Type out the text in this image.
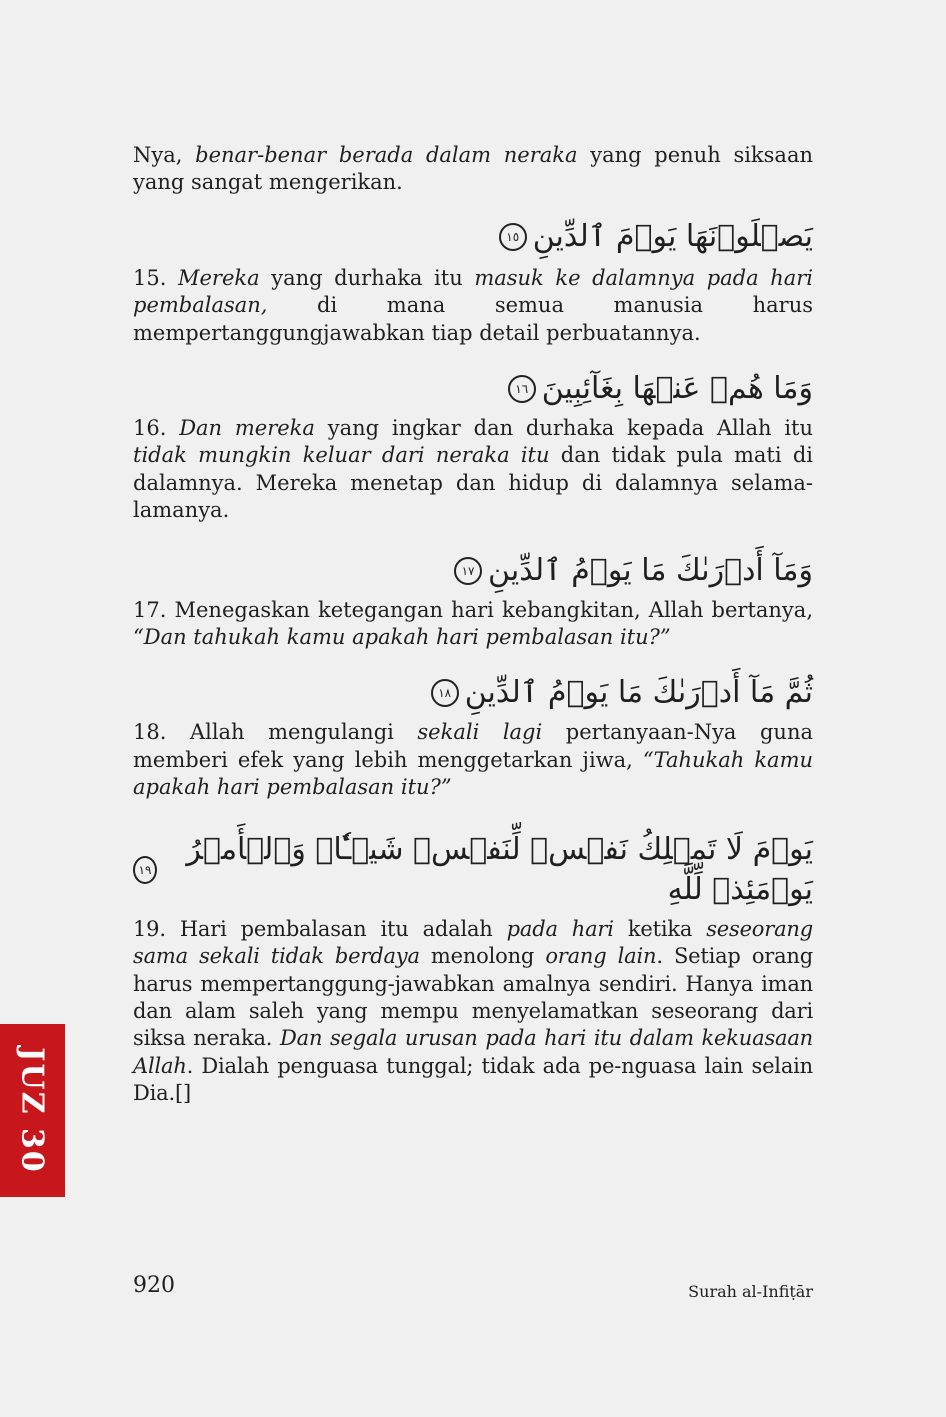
Nya, benar-benar berada dalam neraka yang penuh siksaan yang sangat mengerikan.

يَصۡلَوۡنَهَا يَوۡمَ ٱلدِّينِ
١٥

15. Mereka yang durhaka itu masuk ke dalamnya pada hari pembalasan, di mana semua manusia harus mempertanggungjawabkan tiap detail perbuatannya.

وَمَا هُمۡ عَنۡهَا بِغَآئِبِينَ
١٦

16. Dan mereka yang ingkar dan durhaka kepada Allah itu tidak mungkin keluar dari neraka itu dan tidak pula mati di dalamnya. Mereka menetap dan hidup di dalamnya selama-lamanya.

وَمَآ أَدۡرَىٰكَ مَا يَوۡمُ ٱلدِّينِ
١٧

17. Menegaskan ketegangan hari kebangkitan, Allah bertanya, “Dan tahukah kamu apakah hari pembalasan itu?”

ثُمَّ مَآ أَدۡرَىٰكَ مَا يَوۡمُ ٱلدِّينِ
١٨

18. Allah mengulangi sekali lagi pertanyaan-Nya guna memberi efek yang lebih menggetarkan jiwa, “Tahukah kamu apakah hari pembalasan itu?”

يَوۡمَ لَا تَمۡلِكُ نَفۡسٞ لِّنَفۡسٖ شَيۡـٔٗاۖ وَٱلۡأَمۡرُ يَوۡمَئِذٖ لِّلَّهِ
١٩

19. Hari pembalasan itu adalah pada hari ketika seseorang sama sekali tidak berdaya menolong orang lain. Setiap orang harus mempertanggung-jawabkan amalnya sendiri. Hanya iman dan alam saleh yang mempu menyelamatkan seseorang dari siksa neraka. Dan segala urusan pada hari itu dalam kekuasaan Allah. Dialah penguasa tunggal; tidak ada pe-nguasa lain selain Dia.[]

JUZ 30
920	Surah al-Infiṭār
